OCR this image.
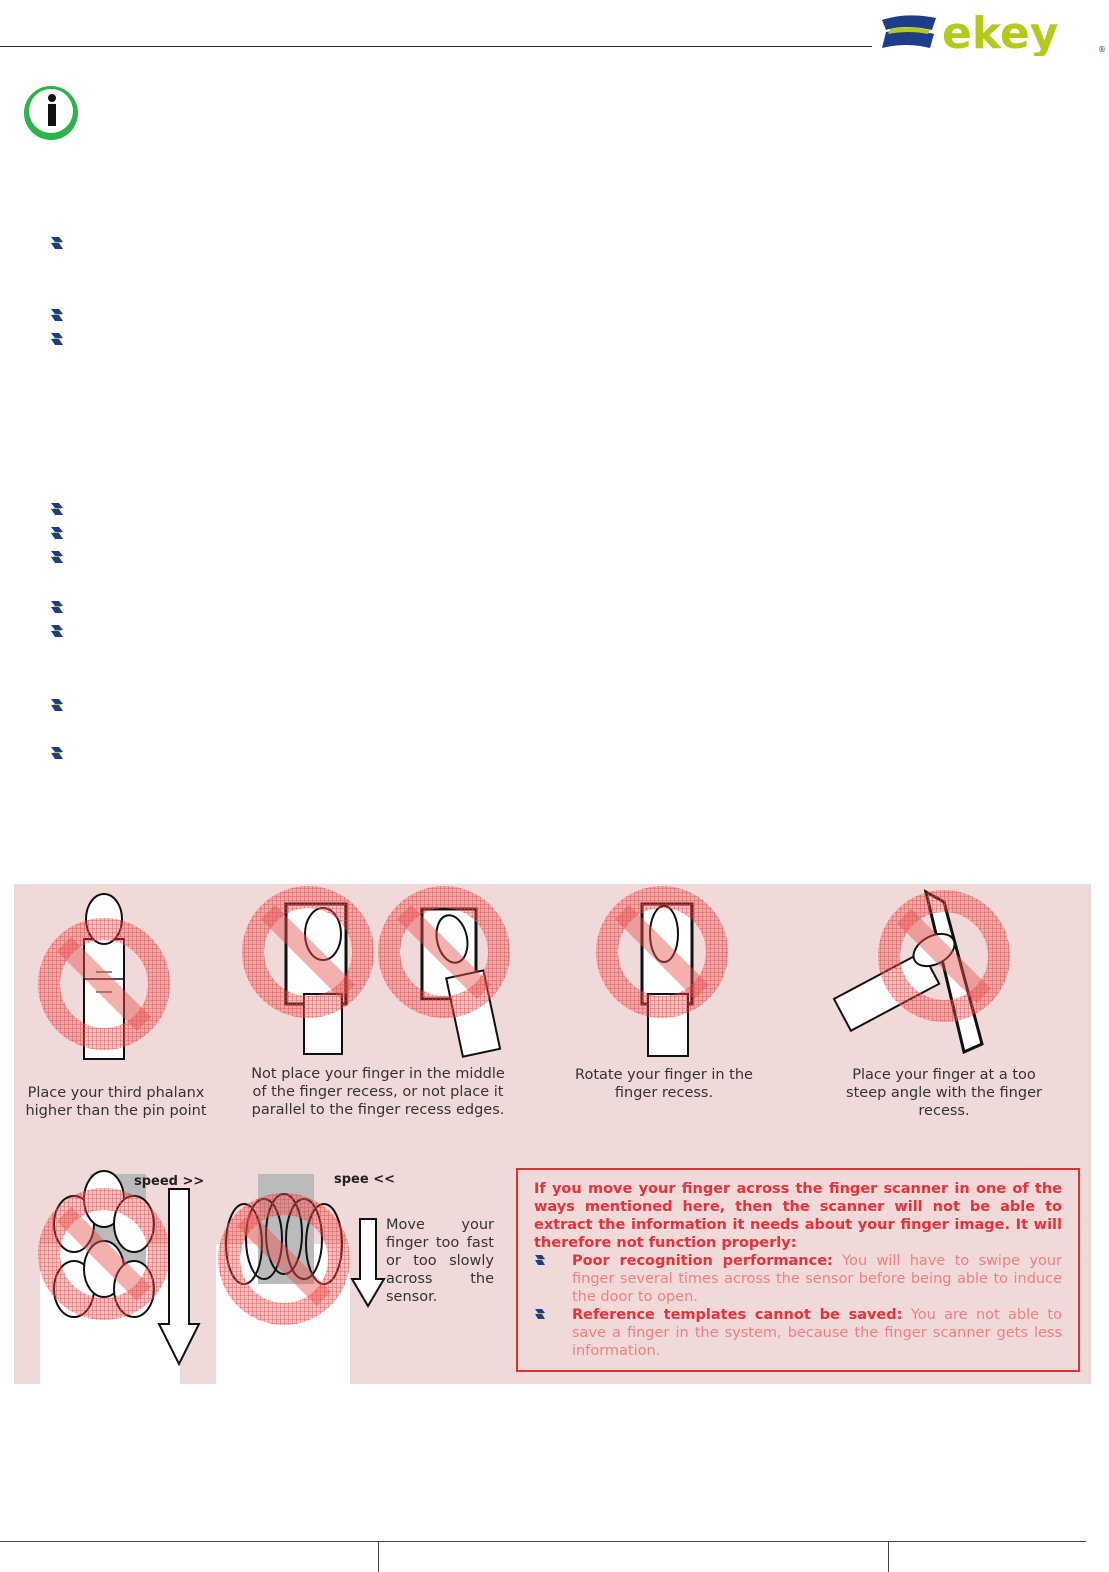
ekey	®
Place your third phalanx higher than the pin point
Not place your finger in the middle of the finger recess, or not place it parallel to the finger recess edges.
Rotate your finger in the finger recess.
Place your finger at a too steep angle with the finger recess.
speed >>	spee <<
Move your finger too fast or too slowly across the sensor.
If you move your finger across the finger scanner in one of the ways mentioned here, then the scanner will not be able to extract the information it needs about your finger image. It will therefore not function properly:
Poor recognition performance: You will have to swipe your finger several times across the sensor before being able to induce the door to open.
Reference templates cannot be saved: You are not able to save a finger in the system, because the finger scanner gets less information.
